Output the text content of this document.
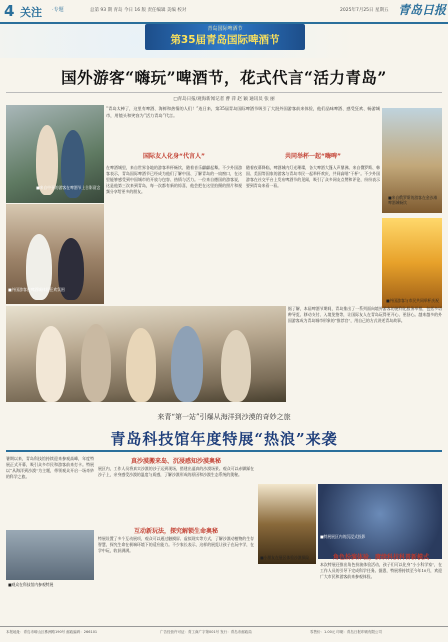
4 关注 ·专题	总第 93 期 青岛 今日 16 版 责任编辑 美编 校对	2025年7月25日 星期五 青岛日报
青岛国际啤酒节
第35届青岛国际啤酒节
国外游客“嗨玩”啤酒节，花式代言“活力青岛”
□青岛日报/观海新闻记者 曹 萍 赵 颖 通讯员 张 丽
■来自中亚的游客在啤酒节上合影留念
■外国游客在啤酒城体验狂欢氛围
“青岛太棒了，这里有啤酒、海鲜和热情的人们！”连日来，第35届青岛国际啤酒节吸引了大批外国游客前来体验，他们品味啤酒、感受狂欢、畅游城市，用镜头和笑容为“活力青岛”代言。
国际友人化身“代言人”	共同举杯一起“嗨啤”
在啤酒城里，来自世界各地的游客举杯畅饮，随着音乐翩翩起舞。不少外国游客表示，青岛国际啤酒节已经成为他们了解中国、了解青岛的一扇窗口，在这里能够感受到中国城市的开放与包容、热情与活力。一位来自德国的游客说，这是他第三次来到青岛，每一次都有新的惊喜，他会把在这里拍摄的照片和视频分享给更多的朋友。
随着夜幕降临，啤酒城内灯光璀璨，各大啤酒大篷人声鼎沸。来自俄罗斯、韩国、美国等国家的游客与青岛市民一起举杯欢庆，共同高唱“干杯”。不少外国游客在社交平台上发布啤酒节的见闻，吸引了众多网友点赞和评论，纷纷表示要到青岛来看一看。
■来自俄罗斯的游客在金沙滩啤酒城畅饮
■外国游客与市民共同举杯庆祝
据了解，本届啤酒节期间，青岛推出了一系列面向境外游客的便利化服务举措，包括多语种导览、移动支付、入境免签等，让国际友人在青岛玩得更开心、更舒心。越来越多的外国游客成为青岛城市形象的“推荐官”，用自己的方式讲述青岛故事。
来青“第一站”引爆从海洋到沙漠的奇妙之旅
青岛科技馆年度特展“热浪”来袭
暑期以来，青岛科技馆持续迎来参观高峰，年度特展正式开幕，吸引众多市民和游客前来打卡。特展以“从海洋到沙漠”为主题，带领观众开启一场奇妙的科学之旅。
■观众在科技馆内参观特展
真沙漠搬来岛、沉浸感知沙漠奥秘
展区内，工作人员将真实沙漠的沙子运到现场，搭建出逼真的沙漠场景。观众可以赤脚踩在沙子上，亲身感受沙漠的温度与质感，了解沙漠形成的原因和沙漠生态系统的奥秘。
互动新玩法，探究解锁生命奥秘
特展设置了多个互动展项，观众可以通过触摸屏、虚拟现实等方式，了解沙漠动植物的生存智慧，探究生命在极端环境下的适应能力。不少家长表示，这样的展览让孩子在玩中学，在学中玩，收获满满。
■小朋友在展区体验沙漠探险
■特展展区内的沉浸式投影
角色扮演体验，赓续科技科普新模式
本次特展还推出角色扮演体验活动，孩子们可以化身“小小科学家”，在工作人员的引导下完成科学任务。据悉，特展将持续至今年10月，欢迎广大市民和游客前来参观体验。
本报地址：青岛市崂山区株洲路190号 邮政编码：266101	广告经营许可证：青工商广字第001号 发行：青岛市邮政局	零售价：1.00元 印刷：青岛日报印刷有限公司
